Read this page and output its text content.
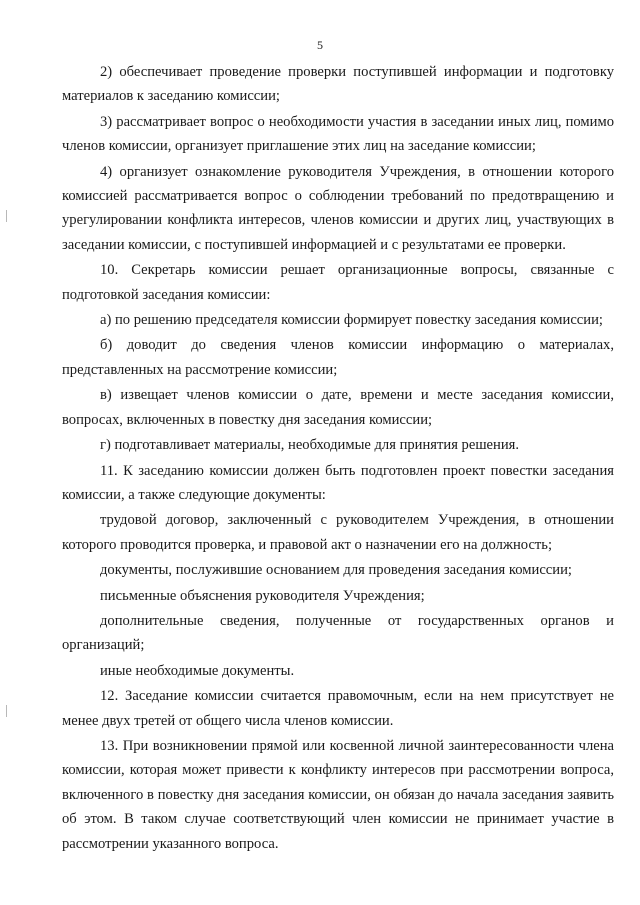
5

2) обеспечивает проведение проверки поступившей информации и подготовку материалов к заседанию комиссии;

3) рассматривает вопрос о необходимости участия в заседании иных лиц, помимо членов комиссии, организует приглашение этих лиц на заседание комиссии;

4) организует ознакомление руководителя Учреждения, в отношении которого комиссией рассматривается вопрос о соблюдении требований по предотвращению и урегулировании конфликта интересов, членов комиссии и других лиц, участвующих в заседании комиссии, с поступившей информацией и с результатами ее проверки.

10. Секретарь комиссии решает организационные вопросы, связанные с подготовкой заседания комиссии:

а) по решению председателя комиссии формирует повестку заседания комиссии;

б) доводит до сведения членов комиссии информацию о материалах, представленных на рассмотрение комиссии;

в) извещает членов комиссии о дате, времени и месте заседания комиссии, вопросах, включенных в повестку дня заседания комиссии;

г) подготавливает материалы, необходимые для принятия решения.

11. К заседанию комиссии должен быть подготовлен проект повестки заседания комиссии, а также следующие документы:

трудовой договор, заключенный с руководителем Учреждения, в отношении которого проводится проверка, и правовой акт о назначении его на должность;

документы, послужившие основанием для проведения заседания комиссии;

письменные объяснения руководителя Учреждения;

дополнительные сведения, полученные от государственных органов и организаций;

иные необходимые документы.

12. Заседание комиссии считается правомочным, если на нем присутствует не менее двух третей от общего числа членов комиссии.

13. При возникновении прямой или косвенной личной заинтересованности члена комиссии, которая может привести к конфликту интересов при рассмотрении вопроса, включенного в повестку дня заседания комиссии, он обязан до начала заседания заявить об этом. В таком случае соответствующий член комиссии не принимает участие в рассмотрении указанного вопроса.
